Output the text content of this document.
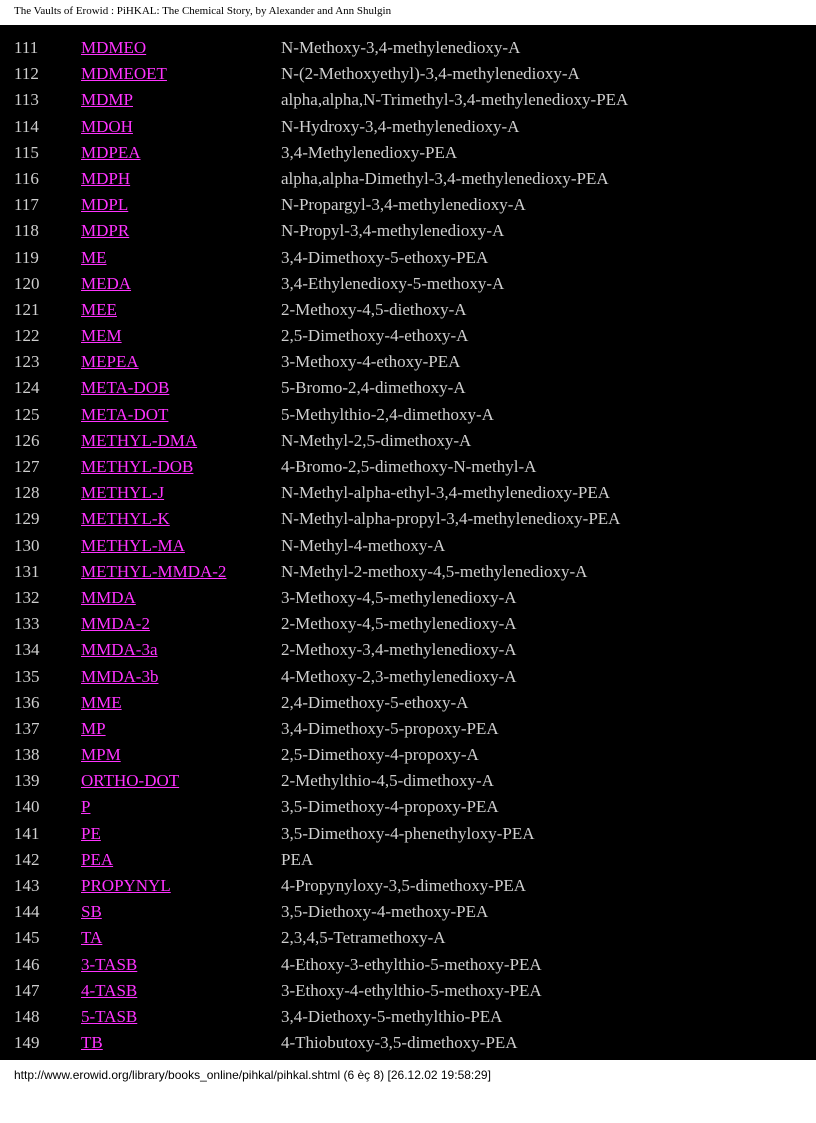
The Vaults of Erowid : PiHKAL: The Chemical Story, by Alexander and Ann Shulgin
111	MDMEO	N-Methoxy-3,4-methylenedioxy-A
112 MDMEOET	N-(2-Methoxyethyl)-3,4-methylenedioxy-A
113 MDMP	alpha,alpha,N-Trimethyl-3,4-methylenedioxy-PEA
114 MDOH	N-Hydroxy-3,4-methylenedioxy-A
115 MDPEA	3,4-Methylenedioxy-PEA
116 MDPH	alpha,alpha-Dimethyl-3,4-methylenedioxy-PEA
117 MDPL	N-Propargyl-3,4-methylenedioxy-A
118 MDPR	N-Propyl-3,4-methylenedioxy-A
119 ME	3,4-Dimethoxy-5-ethoxy-PEA
120 MEDA	3,4-Ethylenedioxy-5-methoxy-A
121 MEE	2-Methoxy-4,5-diethoxy-A
122 MEM	2,5-Dimethoxy-4-ethoxy-A
123 MEPEA	3-Methoxy-4-ethoxy-PEA
124 META-DOB	5-Bromo-2,4-dimethoxy-A
125 META-DOT	5-Methylthio-2,4-dimethoxy-A
126 METHYL-DMA	N-Methyl-2,5-dimethoxy-A
127 METHYL-DOB	4-Bromo-2,5-dimethoxy-N-methyl-A
128 METHYL-J	N-Methyl-alpha-ethyl-3,4-methylenedioxy-PEA
129 METHYL-K	N-Methyl-alpha-propyl-3,4-methylenedioxy-PEA
130 METHYL-MA	N-Methyl-4-methoxy-A
131 METHYL-MMDA-2	N-Methyl-2-methoxy-4,5-methylenedioxy-A
132 MMDA	3-Methoxy-4,5-methylenedioxy-A
133 MMDA-2	2-Methoxy-4,5-methylenedioxy-A
134 MMDA-3a	2-Methoxy-3,4-methylenedioxy-A
135 MMDA-3b	4-Methoxy-2,3-methylenedioxy-A
136 MME	2,4-Dimethoxy-5-ethoxy-A
137 MP	3,4-Dimethoxy-5-propoxy-PEA
138 MPM	2,5-Dimethoxy-4-propoxy-A
139 ORTHO-DOT	2-Methylthio-4,5-dimethoxy-A
140 P	3,5-Dimethoxy-4-propoxy-PEA
141 PE	3,5-Dimethoxy-4-phenethyloxy-PEA
142 PEA	PEA
143 PROPYNYL	4-Propynyloxy-3,5-dimethoxy-PEA
144 SB	3,5-Diethoxy-4-methoxy-PEA
145 TA	2,3,4,5-Tetramethoxy-A
146 3-TASB	4-Ethoxy-3-ethylthio-5-methoxy-PEA
147 4-TASB	3-Ethoxy-4-ethylthio-5-methoxy-PEA
148 5-TASB	3,4-Diethoxy-5-methylthio-PEA
149 TB	4-Thiobutoxy-3,5-dimethoxy-PEA
http://www.erowid.org/library/books_online/pihkal/pihkal.shtml (6 èç 8) [26.12.02 19:58:29]
